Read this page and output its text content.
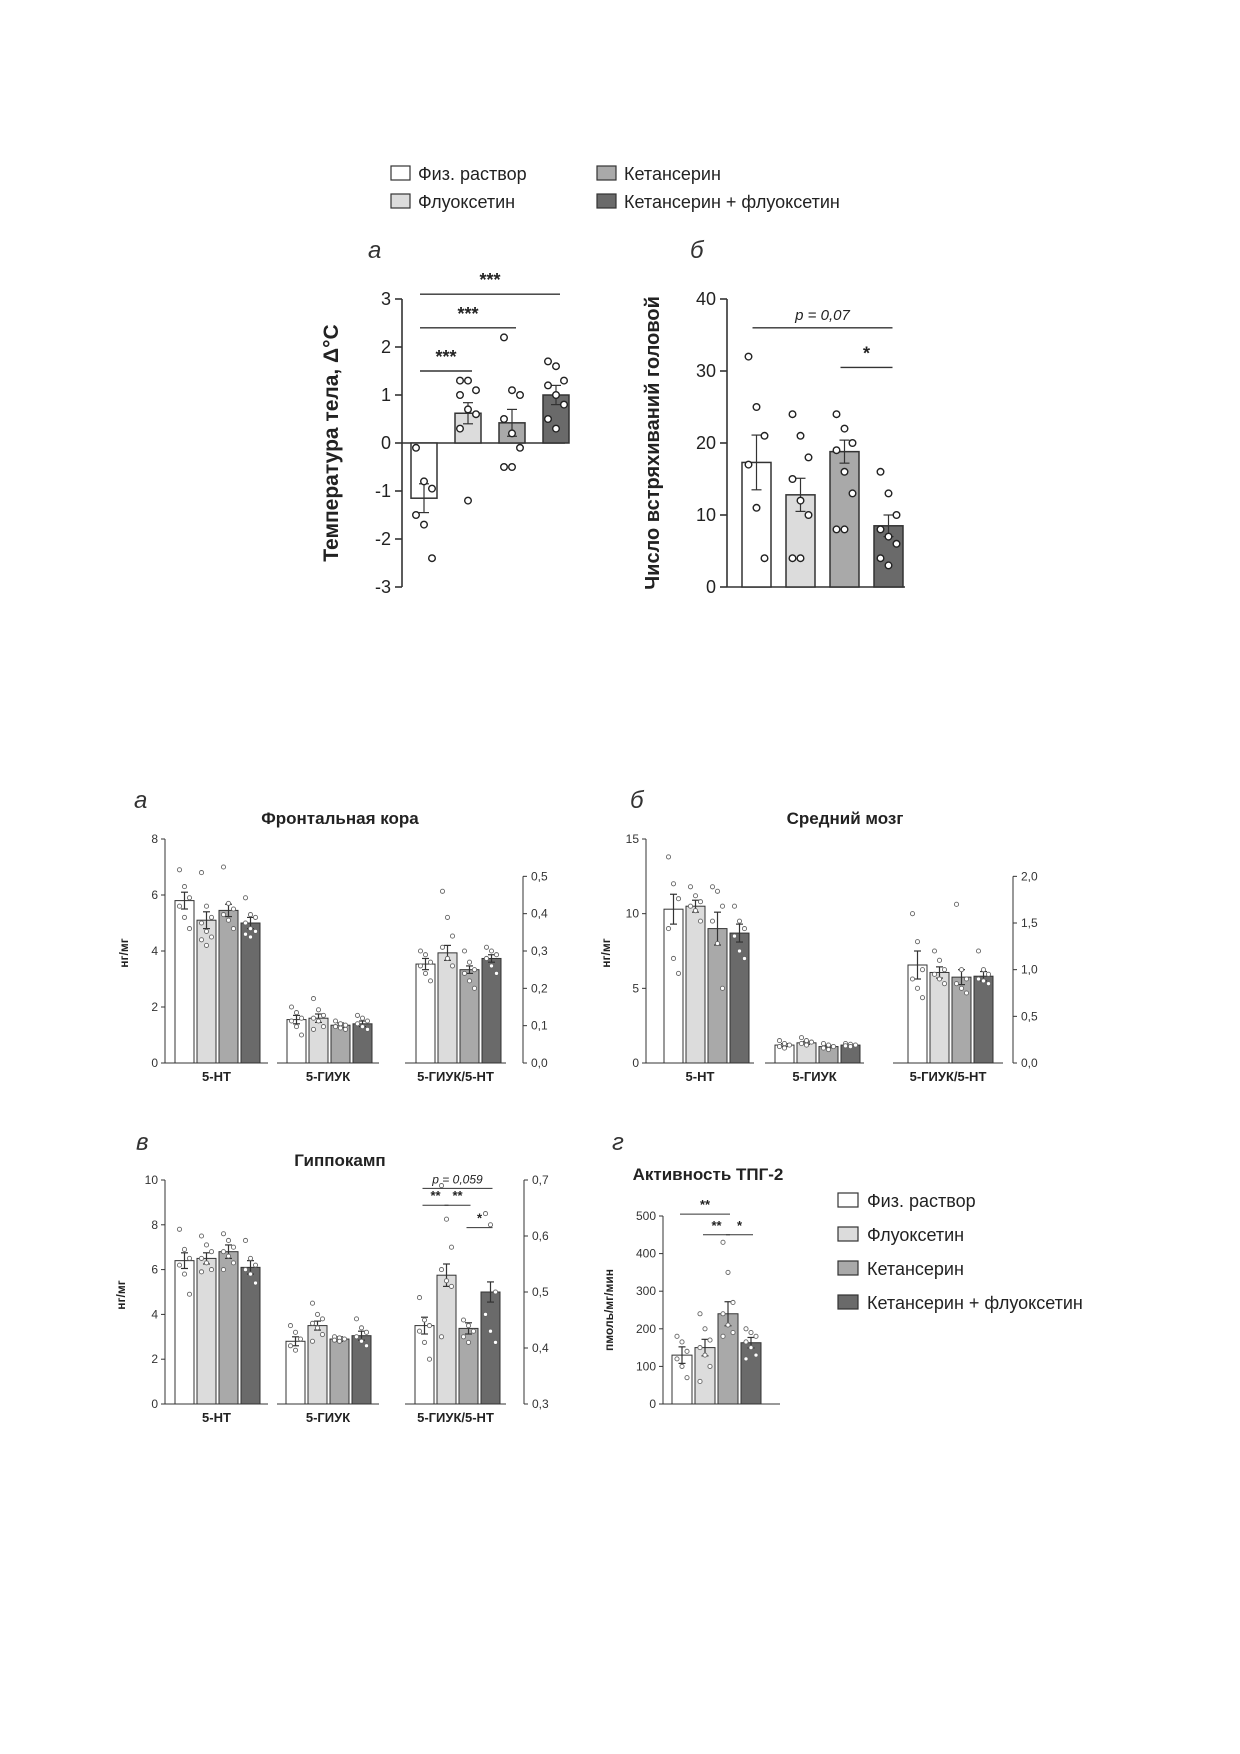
Физ. раствор
Флуоксетин
Кетансерин
Кетансерин + флуоксетин
Физ. раствор
Флуоксетин
Кетансерин
Кетансерин + флуоксетин
а
Температура тела, Δ°C
-3
-2
-1
0
1
2
3
***
***
***
б
Число встряхиваний головой 0
10
20
30
40
p = 0,07
*
а
Фронтальная кора
нг/мг
0
2
4
6
8
0,0
0,1
0,2
0,3
0,4
0,5
5-НТ	5-ГИУК	5-ГИУК/5-НТ
б
Средний мозг
нг/мг
0
5
10
15
0,0
0,5
1,0
1,5
2,0
5-НТ	5-ГИУК	5-ГИУК/5-НТ
в
Гиппокамп
нг/мг
0
2
4
6
8
10
0,3
0,4
0,5
0,6
0,7
5-НТ	5-ГИУК	5-ГИУК/5-НТ
p = 0,059
** **
*
г
Активность ТПГ-2
пмоль/мг/мин
0
100
200
300
400
500
**
** *
